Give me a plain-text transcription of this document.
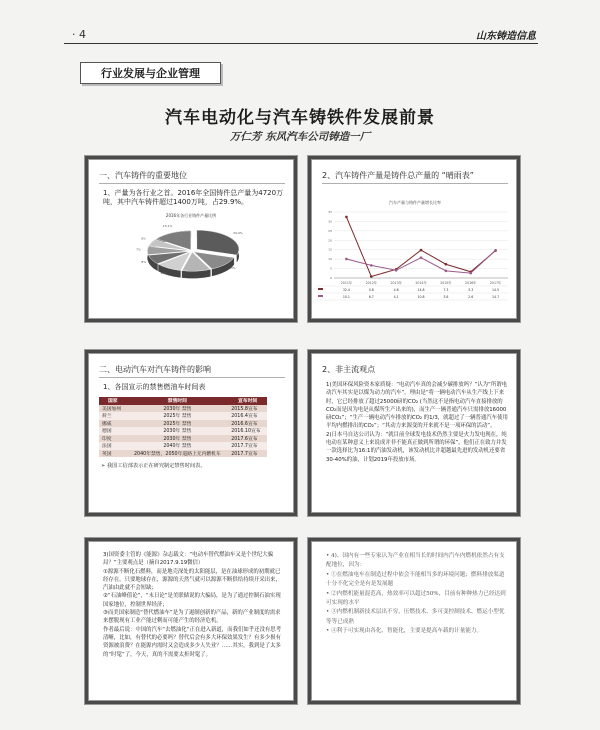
· 4	山东铸造信息
行业发展与企业管理
汽车电动化与汽车铸铁件发展前景
万仁芳 东风汽车公司铸造一厂
一、汽车铸件的重要地位
1、产量为各行业之首。2016年全国铸件总产量为4720万吨，其中汽车铸件超过1400万吨，占29.9%。
2016年各行业铸件产量比例
29.9%
13%
11%
10%
8%
7%
6%
15.1%
2、汽车铸件产量是铸件总产量的 “晴雨表”
汽车产量与铸件产量增长比率
0
5
10
15
20
25
30
35
2011年	2012年	2013年	2014年	2015年	2016年	2017年
32.4	0.8	4.6	14.8	7.3	3.3	14.5
10.1	6.7	4.1	10.8	3.8	2.6	14.7
二、电动汽车对汽车铸件的影响
1、各国宣示的禁售燃油车时间表
国家	禁售时间	宣布时间
美国加州	2030年 禁售	2015.8宣布
荷兰	2025年 禁售	2016.4宣布
挪威	2025年 禁售	2016.6宣布
德国	2030年 禁售	2016.10宣布
印度	2030年 禁售	2017.6宣布
法国	2040年 禁售	2017.7宣布
英国	2040年禁售，2050年道路上无内燃机车	2017.7宣布
➢ 我国工信部表示正在研究制定禁售时间表。
2、非主流观点

1)美国环保风险资本家质疑：“电动汽车真的会减少碳排放吗？”认为“所谓电动汽车其实是以煤为动力的汽车”。理由是“将一辆电动汽车从生产线上下来时，它已经排放了超过25000磅的CO₂ (当然这不是指电动汽车直接排放的CO₂而是因为电是从煤所生产出来的)，而生产一辆普通汽车只需排放16000磅CO₂”；“生产一辆电动汽车排放的CO₂ 的1/3，就超过了一辆普通汽车使用平均内燃排出的CO₂”；“其动力来源变的开来就不是一项环保的活动”。

2)日本马自达公司认为：“就目前全球发电技术仍然主要是火力发电现在，纯电动在某种意义上来说成并非不能真正做到所谓的环保”，他们正在致力并发一款选择比为16:1的汽油发动机，该发动机比并超越最先进的发动机还要省30-40%的油，计划2019年投放市场。

3)国资委主管的《能源》杂志载文：“电动车替代燃油车又是个世纪大骗局？”主要观点是（摘自2017.9.19微信）

①源源不断化石燃料，而是地壳深处的太阳能层，是在油球形成的初期就已经存在，只要地球存在，源源的天然气就可以源源不断供给持续开采出来，汽油由此就不会短缺；

②“石油峰值论”，“末日论”是美联储说的大骗局，是为了通过控制石油实现国家地位，控制世界经济；

③而美国家制造“替代燃油车”是为了遏制创新的产品，新的产业制度的需求来摆脱现有工业产能过剩而可能产生的经济危机。

作者最后说：中国的汽车“去燃油化”正在进入新道，而我们如乎还没有思考清晰，比如，有替代的必要吗？替代后会有多大环保效果发生？有多少损有资源被浪费？在能源内需时又会造成多少人失业？……其实，我到是了太多的“时髦”了，今天，真的不需要太折时髦了。

• 4)、国内有一些专家认为产业在相当长的时间内汽车内燃机依然占有支配地位，因为：

• ①在燃油电车在制造过程中依会不能相当多的环境问题；燃料排放渠道十分不化完全是有是发展题

• ②内燃机能量混范高，热效率可以超过50%，目前有种种热力已经达到可实现的水平

• ③内燃机制新技术层出不穷，压燃技术、多可变控制技术、燃运小型优等等已成熟

• ④利于可实现由各化、智能化，主要是提高车载的计量能力。
